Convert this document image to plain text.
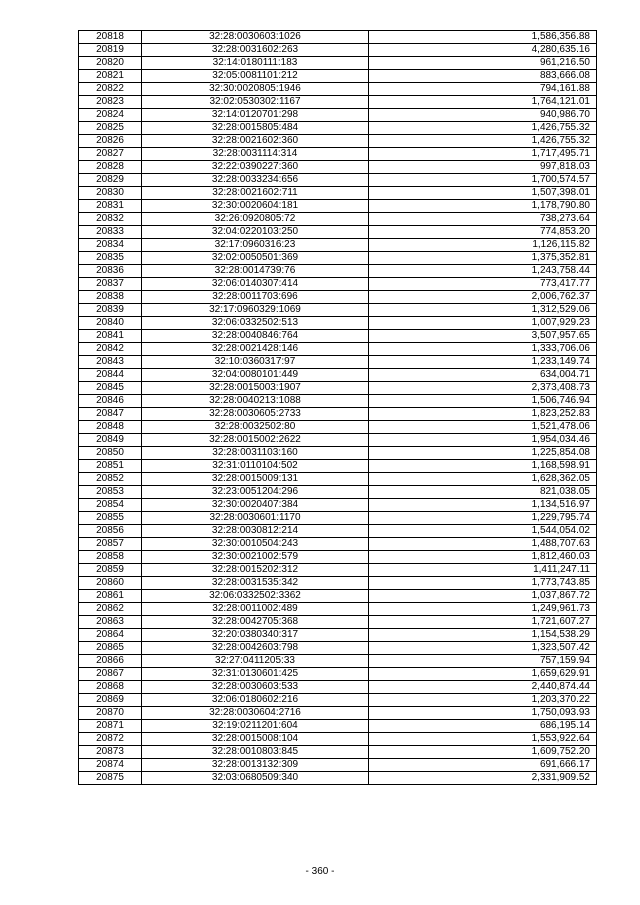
20818	32:28:0030603:1026	1,586,356.88
20819	32:28:0031602:263	4,280,635.16
20820	32:14:0180111:183	961,216.50
20821	32:05:0081101:212	883,666.08
20822	32:30:0020805:1946	794,161.88
20823	32:02:0530302:1167	1,764,121.01
20824	32:14:0120701:298	940,986.70
20825	32:28:0015805:484	1,426,755.32
20826	32:28:0021602:360	1,426,755.32
20827	32:28:0031114:314	1,717,495.71
20828	32:22:0390227:360	997,818.03
20829	32:28:0033234:656	1,700,574.57
20830	32:28:0021602:711	1,507,398.01
20831	32:30:0020604:181	1,178,790.80
20832	32:26:0920805:72	738,273.64
20833	32:04:0220103:250	774,853.20
20834	32:17:0960316:23	1,126,115.82
20835	32:02:0050501:369	1,375,352.81
20836	32:28:0014739:76	1,243,758.44
20837	32:06:0140307:414	773,417.77
20838	32:28:0011703:696	2,006,762.37
20839	32:17:0960329:1069	1,312,529.06
20840	32:06:0332502:513	1,007,929.23
20841	32:28:0040846:764	3,507,957.65
20842	32:28:0021428:146	1,333,706.06
20843	32:10:0360317:97	1,233,149.74
20844	32:04:0080101:449	634,004.71
20845	32:28:0015003:1907	2,373,408.73
20846	32:28:0040213:1088	1,506,746.94
20847	32:28:0030605:2733	1,823,252.83
20848	32:28:0032502:80	1,521,478.06
20849	32:28:0015002:2622	1,954,034.46
20850	32:28:0031103:160	1,225,854.08
20851	32:31:0110104:502	1,168,598.91
20852	32:28:0015009:131	1,628,362.05
20853	32:23:0051204:296	821,038.05
20854	32:30:0020407:384	1,134,516.97
20855	32:28:0030601:1170	1,229,795.74
20856	32:28:0030812:214	1,544,054.02
20857	32:30:0010504:243	1,488,707.63
20858	32:30:0021002:579	1,812,460.03
20859	32:28:0015202:312	1,411,247.11
20860	32:28:0031535:342	1,773,743.85
20861	32:06:0332502:3362	1,037,867.72
20862	32:28:0011002:489	1,249,961.73
20863	32:28:0042705:368	1,721,607.27
20864	32:20:0380340:317	1,154,538.29
20865	32:28:0042603:798	1,323,507.42
20866	32:27:0411205:33	757,159.94
20867	32:31:0130601:425	1,659,629.91
20868	32:28:0030603:533	2,440,874.44
20869	32:06:0180602:216	1,203,370.22
20870	32:28:0030604:2716	1,750,093.93
20871	32:19:0211201:604	686,195.14
20872	32:28:0015008:104	1,553,922.64
20873	32:28:0010803:845	1,609,752.20
20874	32:28:0013132:309	691,666.17
20875	32:03:0680509:340	2,331,909.52
- 360 -
